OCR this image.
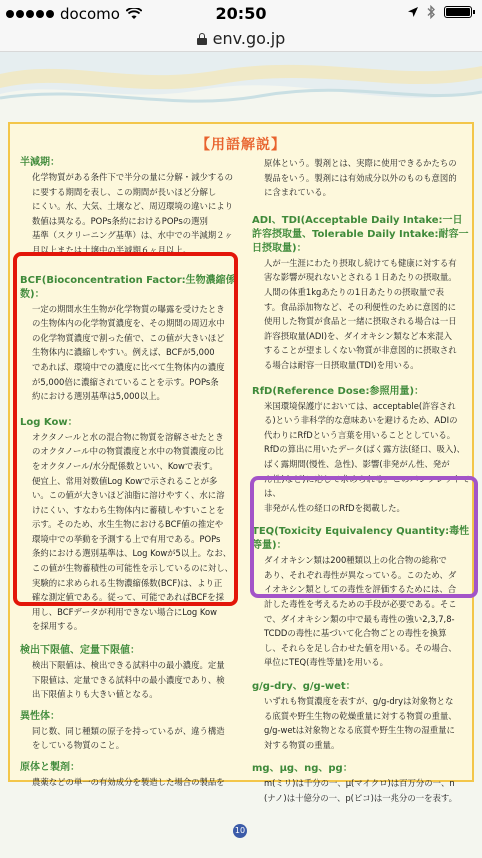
docomo	20:50
env.go.jp
【用語解説】
半減期：
化学物質がある条件下で半分の量に分解・減少するの
に要する期間を表し、この期間が長いほど分解し
にくい。水、大気、土壌など、周辺環境の違いにより
数値は異なる。POPs条約におけるPOPsの選別
基準（スクリーニング基準）は、水中での半減期２ヶ
月以上または土壌中の半減期６ヶ月以上。
BCF(Bioconcentration Factor:生物濃縮係数)：
一定の期間水生生物が化学物質の曝露を受けたとき
の生物体内の化学物質濃度を、その期間の周辺水中
の化学物質濃度で割った値で、この値が大きいほど
生物体内に濃縮しやすい。例えば、BCFが5,000
であれば、環境中での濃度に比べて生物体内の濃度
が5,000倍に濃縮されていることを示す。POPs条
約における選別基準は5,000以上。
Log Kow：
オクタノールと水の混合物に物質を溶解させたとき
のオクタノール中の物質濃度と水中の物質濃度の比
をオクタノール/水分配係数といい、Kowで表す。
便宜上、常用対数値Log Kowで示されることが多
い。この値が大きいほど油脂に溶けやすく、水に溶
けにくい、すなわち生物体内に蓄積しやすいことを
示す。そのため、水生生物におけるBCF値の推定や
環境中での挙動を予測する上で有用である。POPs
条約における選別基準は、Log Kowが5以上。なお、
この値が生物蓄積性の可能性を示しているのに対し、
実験的に求められる生物濃縮係数(BCF)は、より正
確な測定値である。従って、可能であればBCFを採
用し、BCFデータが利用できない場合にLog Kow
を採用する。
検出下限値、定量下限値：
検出下限値は、検出できる試料中の最小濃度。定量
下限値は、定量できる試料中の最小濃度であり、検
出下限値よりも大きい値となる。
異性体：
同じ数、同じ種類の原子を持っているが、違う構造
をしている物質のこと。
原体と製剤：
農薬などの単一の有効成分を製造した場合の製品を
原体という。製剤とは、実際に使用できるかたちの
製品をいう。製剤には有効成分以外のものも意図的
に含まれている。
ADI、TDI(Acceptable Daily Intake:一日許容摂取量、Tolerable Daily Intake:耐容一日摂取量)：
人が一生涯にわたり摂取し続けても健康に対する有
害な影響が現れないとされる１日あたりの摂取量。
人間の体重1kgあたりの1日あたりの摂取量で表
す。食品添加物など、その利便性のために意図的に
使用した物質が食品と一緒に摂取される場合は一日
許容摂取量(ADI)を、ダイオキシン類など本来混入
することが望ましくない物質が非意図的に摂取され
る場合は耐容一日摂取量(TDI)を用いる。
RfD(Reference Dose:参照用量)：
米国環境保護庁においては、acceptable(許容され
る)という非科学的な意味あいを避けるため、ADIの
代わりにRfDという言葉を用いることとしている。
RfDの算出に用いたデータ(ばく露方法(経口、吸入)、
ばく露期間(慢性、急性)、影響(非発がん性、発が
ん性)など)に応じて求められる。このパンフレットでは、
非発がん性の経口のRfDを掲載した。
TEQ(Toxicity Equivalency Quantity:毒性等量)：
ダイオキシン類は200種類以上の化合物の総称で
あり、それぞれ毒性が異なっている。このため、ダ
イオキシン類としての毒性を評価するためには、合
計した毒性を考えるための手段が必要である。そこ
で、ダイオキシン類の中で最も毒性の強い2,3,7,8-
TCDDの毒性に基づいて化合物ごとの毒性を換算
し、それらを足し合わせた値を用いる。その場合、
単位にTEQ(毒性等量)を用いる。
g/g-dry、g/g-wet：
いずれも物質濃度を表すが、g/g-dryは対象物とな
る底質や野生生物の乾燥重量に対する物質の重量、
g/g-wetは対象物となる底質や野生生物の湿重量に
対する物質の重量。
mg、μg、ng、pg：
m(ミリ)は千分の一、μ(マイクロ)は百万分の一、n
(ナノ)は十億分の一、p(ピコ)は一兆分の一を表す。
10
